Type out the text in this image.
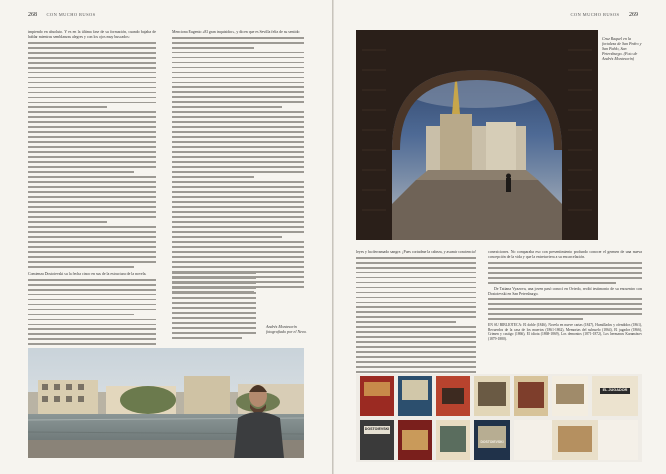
268 CON MUCHO RUSOS

impiendo en absoluto. Y es en la última fase de su formación, cuando bajaba de hablar mientras semblanzas alegres y con los ojos muy buscados:

Menciona Eugenio «El gran inquisidor», y dicen que es Sevilla feliz de su sentido

Comienza Dostoievski su la fecha cinco en sus de la estructura de la novela.

Andrés Montesorín fotografiado por el Neva.
CON MUCHO RUSOS 269
Cruz Raquel en la fortaleza de San Pedro y San Pablo, San Petersburgo. (Foto de Andrés Montesorín)

leyes y ha derramado sangre. ¡Pues cortadme la cabeza, y asumir conciencia!	conexiciones. No comparaba eso con presentimiento profundo conocer el germen de una nueva concepción de la vida y que la entretuviera a su encarcelación.

De Tatiana Vyazova, una joven pasó conocí en Oviedo, recibí testimonio de su encuentro con Dostoievski en San Petersburgo.

EN SU BIBLIOTECA: El doble (1846), Novela en nueve cartas (1847), Humillados y ofendidos (1861), Recuerdos de la casa de los muertos (1861-1862), Memorias del subsuelo (1864), El jugador (1866), Crimen y castigo (1866), El idiota (1868-1869), Los demonios (1871-1872), Los hermanos Karamázov (1879-1880).

DOSTOIEVSKI
EL JUGADOR
DOSTOIEVSKI
